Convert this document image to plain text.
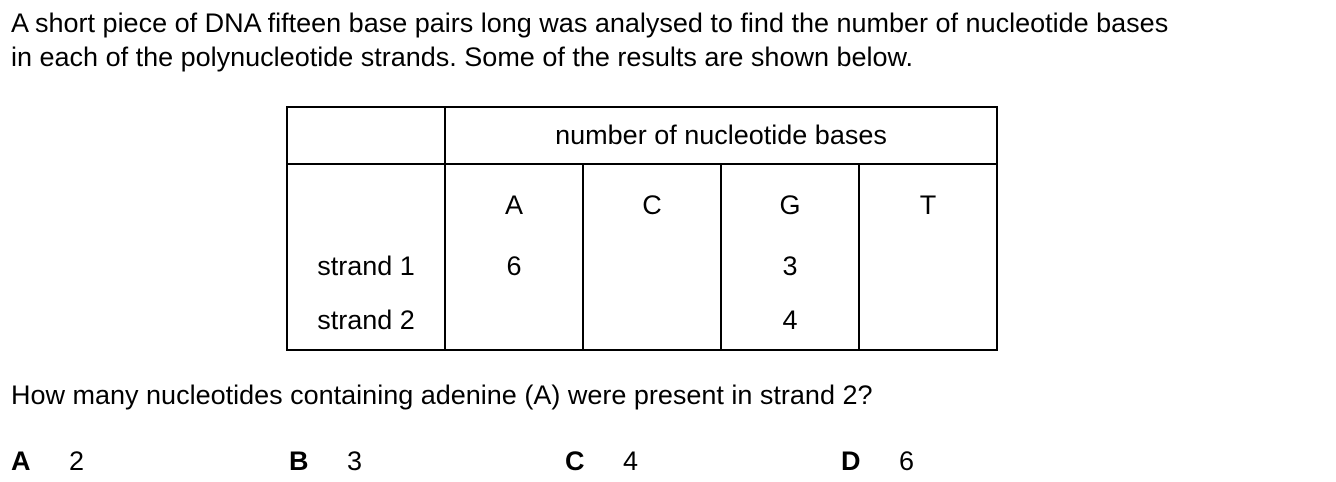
A short piece of DNA fifteen base pairs long was analysed to find the number of nucleotide bases

in each of the polynucleotide strands. Some of the results are shown below.

	number of nucleotide bases			
	A	C	G	T
strand 1	6		3	
strand 2			4	

How many nucleotides containing adenine (A) were present in strand 2?

A 2	B 3	C 4	D 6
